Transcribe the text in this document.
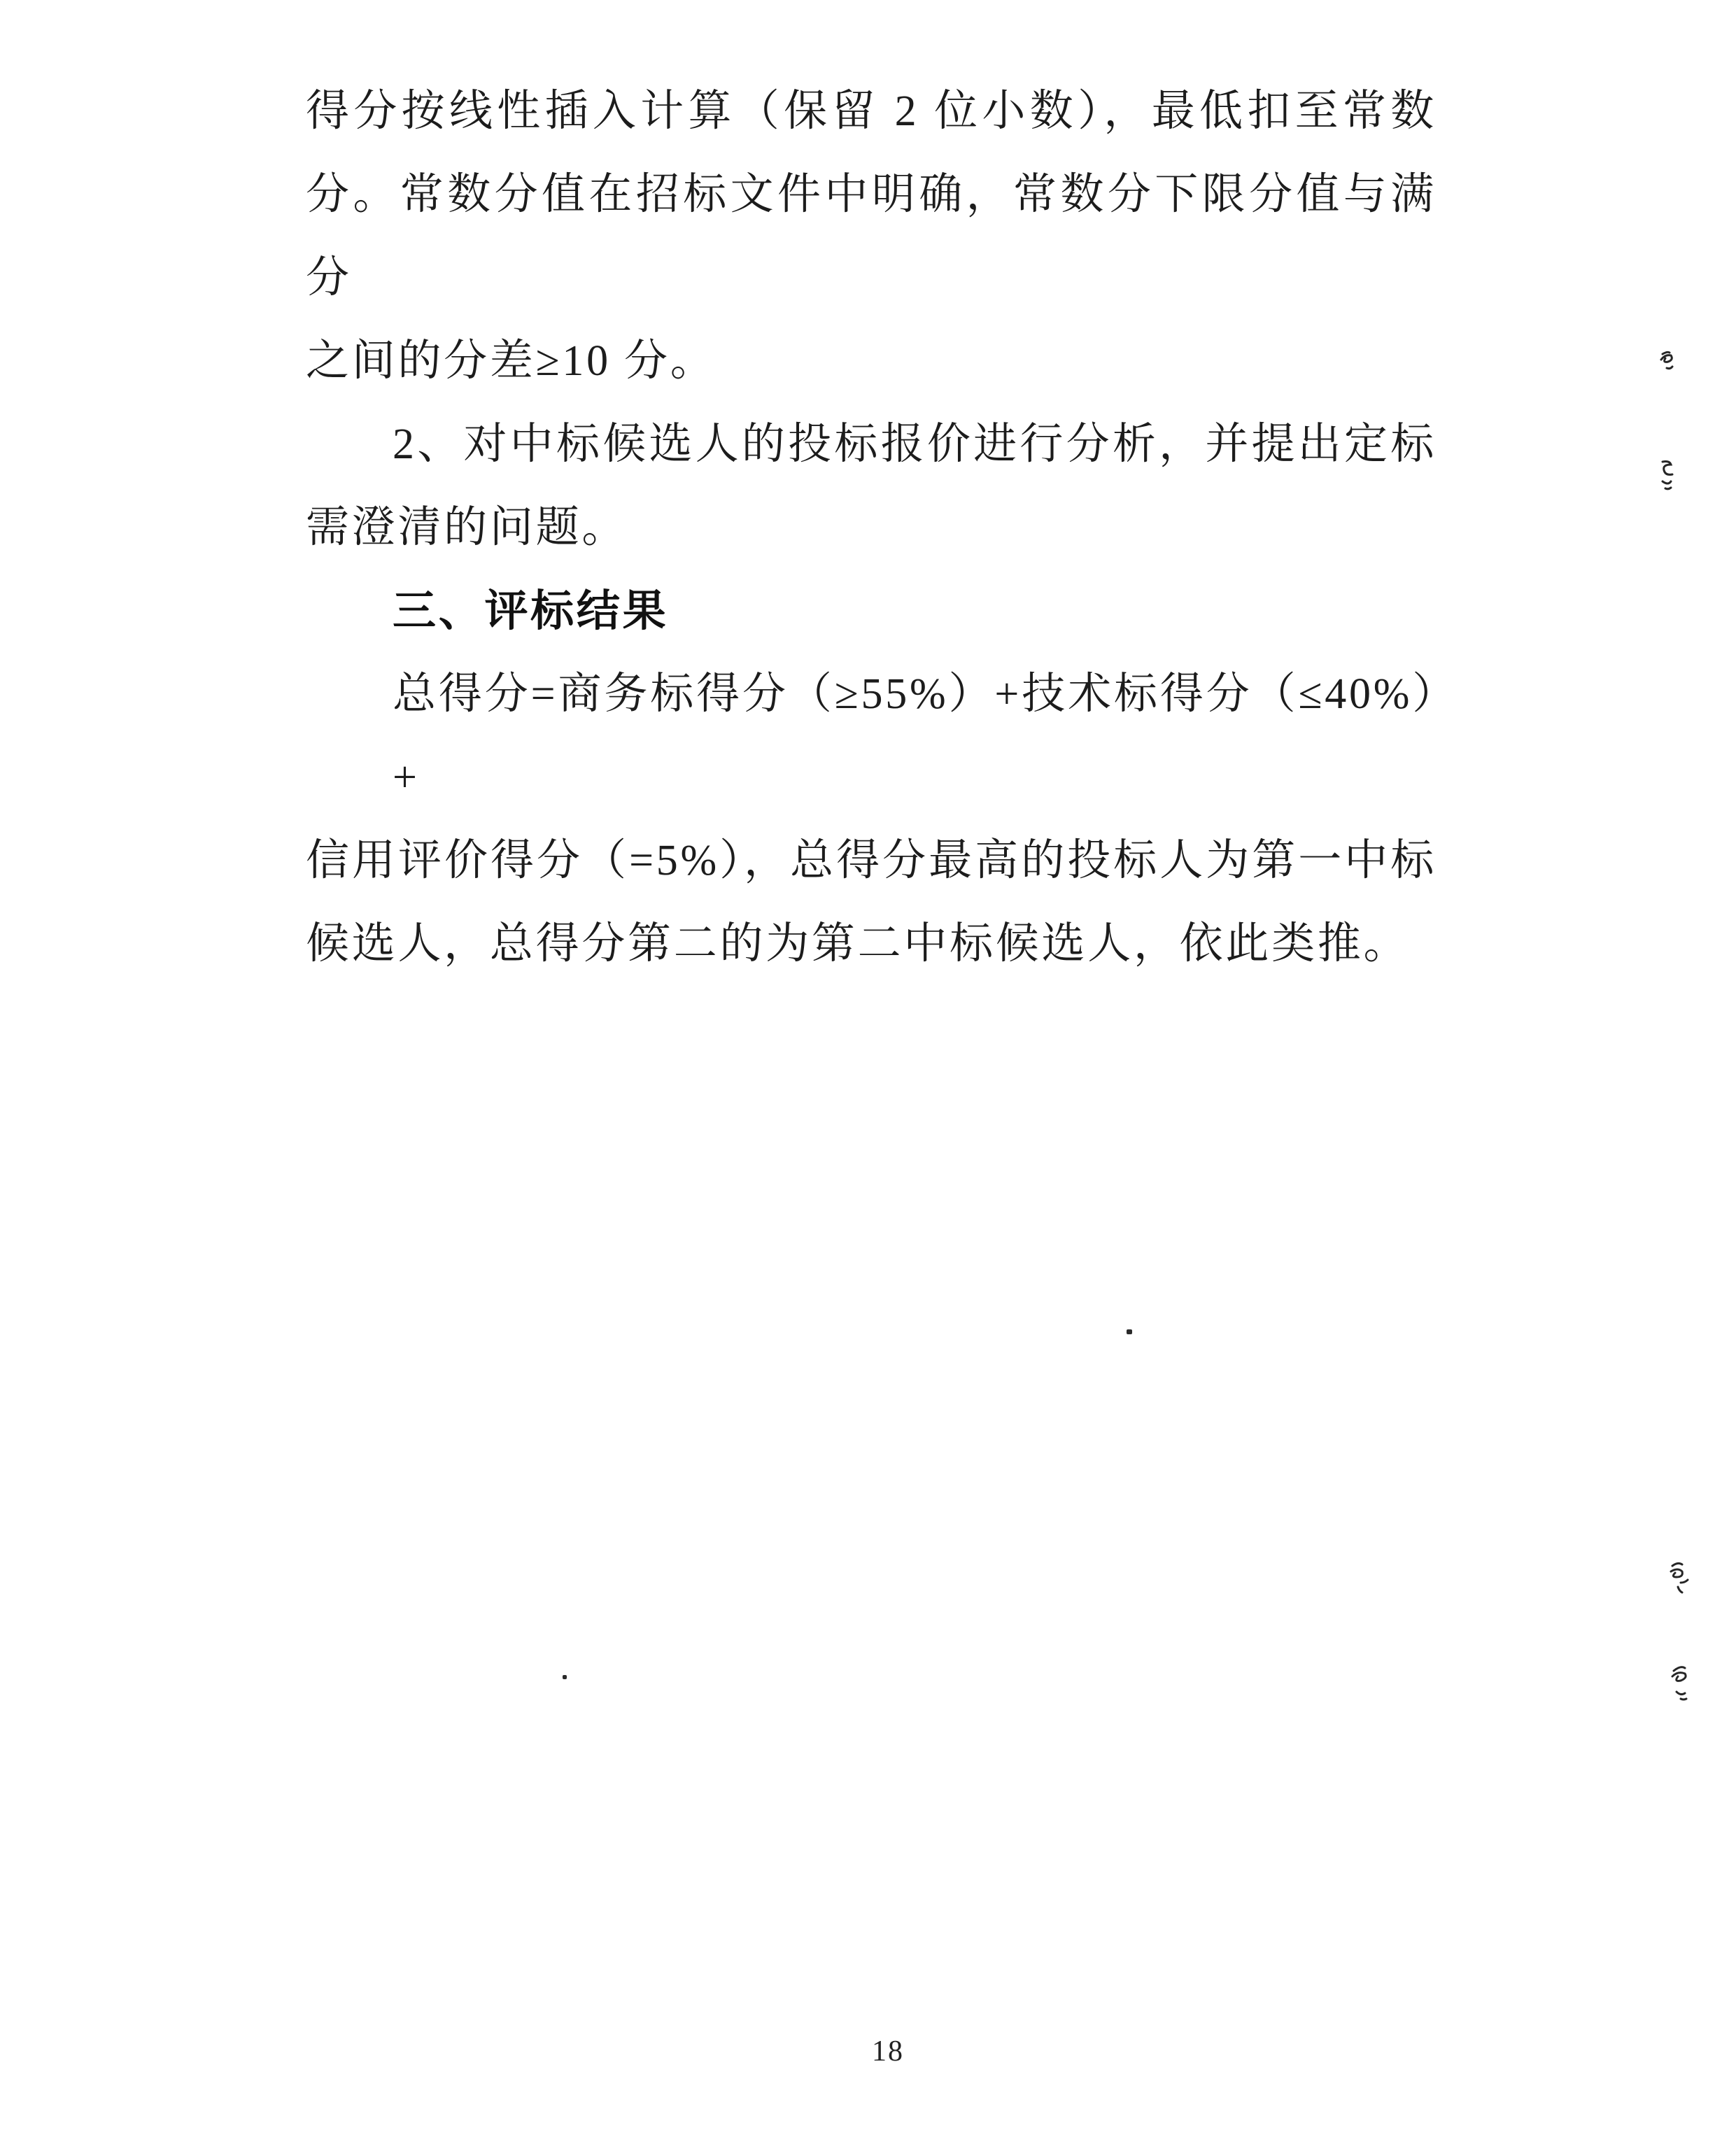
得分按线性插入计算（保留 2 位小数），最低扣至常数

分。常数分值在招标文件中明确，常数分下限分值与满分

之间的分差≥10 分。

2、对中标候选人的投标报价进行分析，并提出定标

需澄清的问题。

三、评标结果

总得分=商务标得分（≥55%）+技术标得分（≤40%）+

信用评价得分（=5%），总得分最高的投标人为第一中标

候选人，总得分第二的为第二中标候选人，依此类推。

18
